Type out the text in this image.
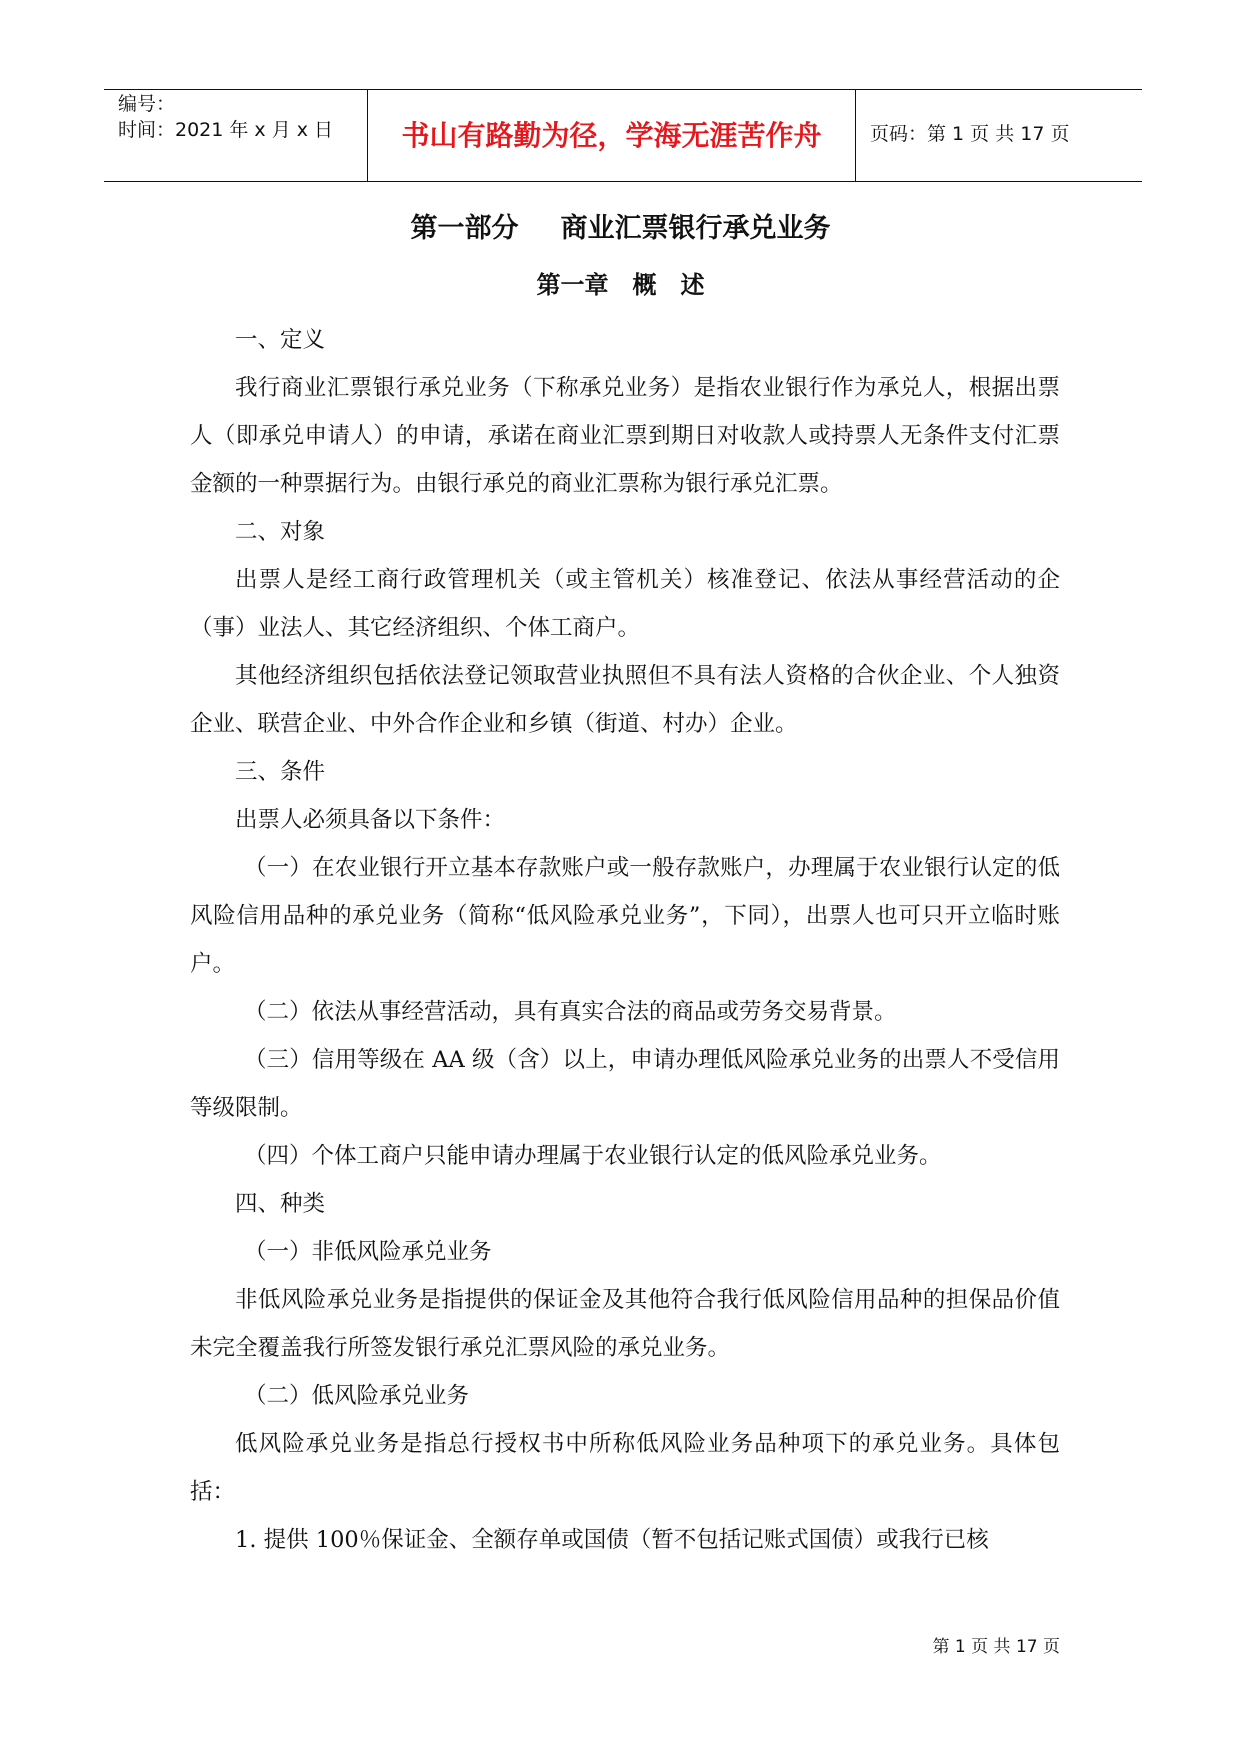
编号：
时间：2021 年 x 月 x 日	书山有路勤为径，学海无涯苦作舟	页码：第 1 页 共 17 页
第一部分 商业汇票银行承兑业务
第一章　概　述

一、定义

我行商业汇票银行承兑业务（下称承兑业务）是指农业银行作为承兑人，根据出票人（即承兑申请人）的申请，承诺在商业汇票到期日对收款人或持票人无条件支付汇票金额的一种票据行为。由银行承兑的商业汇票称为银行承兑汇票。

二、对象

出票人是经工商行政管理机关（或主管机关）核准登记、依法从事经营活动的企（事）业法人、其它经济组织、个体工商户。

其他经济组织包括依法登记领取营业执照但不具有法人资格的合伙企业、个人独资企业、联营企业、中外合作企业和乡镇（街道、村办）企业。

三、条件

出票人必须具备以下条件：

（一）在农业银行开立基本存款账户或一般存款账户，办理属于农业银行认定的低风险信用品种的承兑业务（简称“低风险承兑业务”，下同），出票人也可只开立临时账户。

（二）依法从事经营活动，具有真实合法的商品或劳务交易背景。

（三）信用等级在 AA 级（含）以上，申请办理低风险承兑业务的出票人不受信用等级限制。

（四）个体工商户只能申请办理属于农业银行认定的低风险承兑业务。

四、种类

（一）非低风险承兑业务

非低风险承兑业务是指提供的保证金及其他符合我行低风险信用品种的担保品价值未完全覆盖我行所签发银行承兑汇票风险的承兑业务。

（二）低风险承兑业务

低风险承兑业务是指总行授权书中所称低风险业务品种项下的承兑业务。具体包括：

1. 提供 100％保证金、全额存单或国债（暂不包括记账式国债）或我行已核

第 1 页 共 17 页
